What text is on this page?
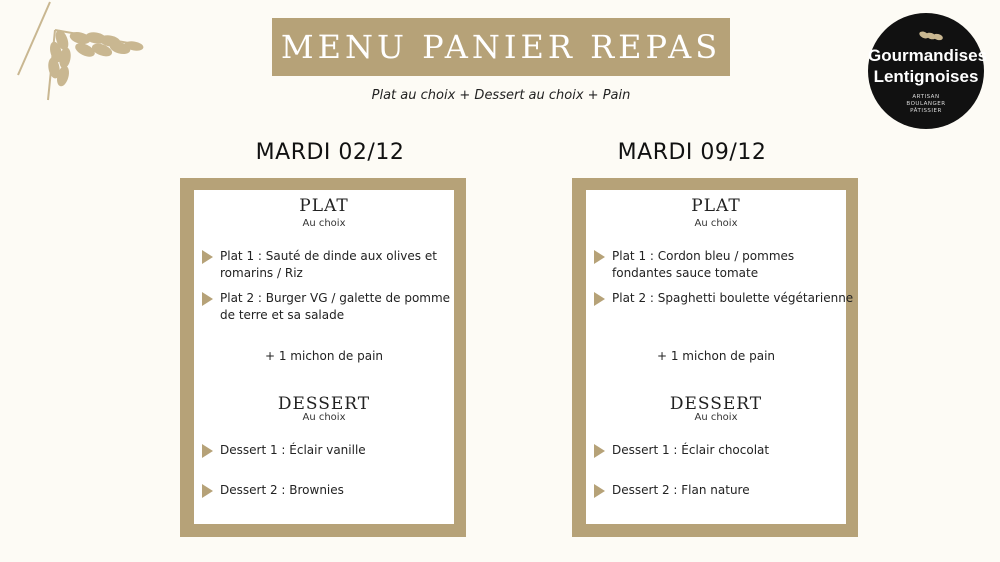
MENU PANIER REPAS
Plat au choix + Dessert au choix + Pain
Gourmandises
Lentignoises
ARTISAN
BOULANGER
PÂTISSIER
MARDI 02/12
PLAT
Au choix
Plat 1 : Sauté de dinde aux olives et romarins / Riz
Plat 2 : Burger VG / galette de pomme de terre et sa salade
+ 1 michon de pain
DESSERT
Au choix
Dessert 1 : Éclair vanille
Dessert 2 : Brownies
MARDI 09/12
PLAT
Au choix
Plat 1 : Cordon bleu / pommes fondantes sauce tomate
Plat 2 : Spaghetti boulette végétarienne
+ 1 michon de pain
DESSERT
Au choix
Dessert 1 : Éclair chocolat
Dessert 2 : Flan nature
